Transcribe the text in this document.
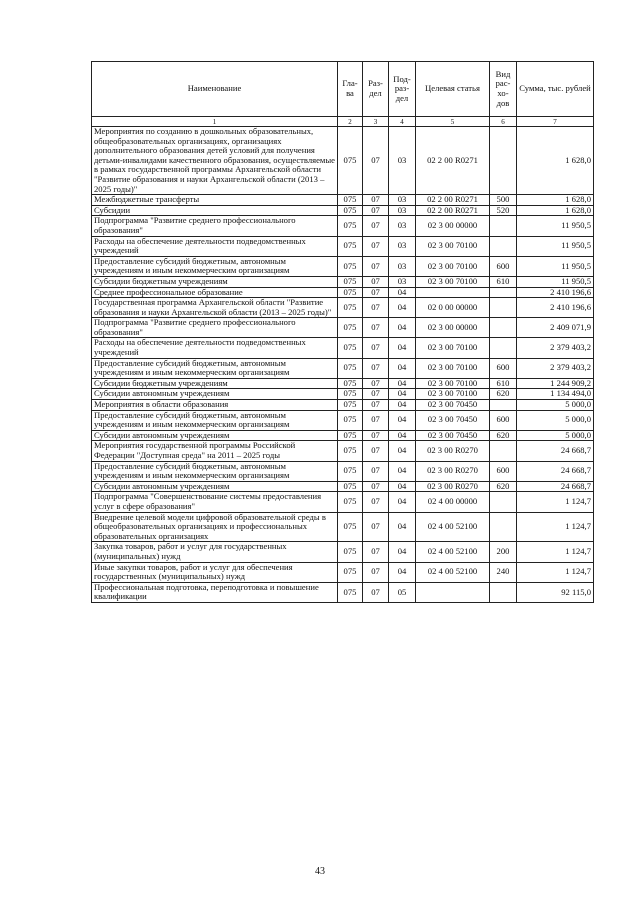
Наименование	Гла-ва	Раз-дел	Под-раз-дел	Целевая статья	Вид рас-хо-дов	Сумма, тыс. рублей
1	2	3	4	5	6	7
Мероприятия по созданию в дошкольных образовательных, общеобразовательных организациях, организациях дополнительного образования детей условий для получения детьми-инвалидами качественного образования, осуществляемые в рамках государственной программы Архангельской области "Развитие образования и науки Архангельской области (2013 – 2025 годы)"	075	07	03	02 2 00 R0271		1 628,0
Межбюджетные трансферты	075	07	03	02 2 00 R0271	500	1 628,0
Субсидии	075	07	03	02 2 00 R0271	520	1 628,0
Подпрограмма "Развитие среднего профессионального образования"	075	07	03	02 3 00 00000		11 950,5
Расходы на обеспечение деятельности подведомственных учреждений	075	07	03	02 3 00 70100		11 950,5
Предоставление субсидий бюджетным, автономным учреждениям и иным некоммерческим организациям	075	07	03	02 3 00 70100	600	11 950,5
Субсидии бюджетным учреждениям	075	07	03	02 3 00 70100	610	11 950,5
Среднее профессиональное образование	075	07	04			2 410 196,6
Государственная программа Архангельской области "Развитие образования и науки Архангельской области (2013 – 2025 годы)"	075	07	04	02 0 00 00000		2 410 196,6
Подпрограмма "Развитие среднего профессионального образования"	075	07	04	02 3 00 00000		2 409 071,9
Расходы на обеспечение деятельности подведомственных учреждений	075	07	04	02 3 00 70100		2 379 403,2
Предоставление субсидий бюджетным, автономным учреждениям и иным некоммерческим организациям	075	07	04	02 3 00 70100	600	2 379 403,2
Субсидии бюджетным учреждениям	075	07	04	02 3 00 70100	610	1 244 909,2
Субсидии автономным учреждениям	075	07	04	02 3 00 70100	620	1 134 494,0
Мероприятия в области образования	075	07	04	02 3 00 70450		5 000,0
Предоставление субсидий бюджетным, автономным учреждениям и иным некоммерческим организациям	075	07	04	02 3 00 70450	600	5 000,0
Субсидии автономным учреждениям	075	07	04	02 3 00 70450	620	5 000,0
Мероприятия государственной программы Российской Федерации "Доступная среда" на 2011 – 2025 годы	075	07	04	02 3 00 R0270		24 668,7
Предоставление субсидий бюджетным, автономным учреждениям и иным некоммерческим организациям	075	07	04	02 3 00 R0270	600	24 668,7
Субсидии автономным учреждениям	075	07	04	02 3 00 R0270	620	24 668,7
Подпрограмма "Совершенствование системы предоставления услуг в сфере образования"	075	07	04	02 4 00 00000		1 124,7
Внедрение целевой модели цифровой образовательной среды в общеобразовательных организациях и профессиональных образовательных организациях	075	07	04	02 4 00 52100		1 124,7
Закупка товаров, работ и услуг для государственных (муниципальных) нужд	075	07	04	02 4 00 52100	200	1 124,7
Иные закупки товаров, работ и услуг для обеспечения государственных (муниципальных) нужд	075	07	04	02 4 00 52100	240	1 124,7
Профессиональная подготовка, переподготовка и повышение квалификации	075	07	05			92 115,0
43
